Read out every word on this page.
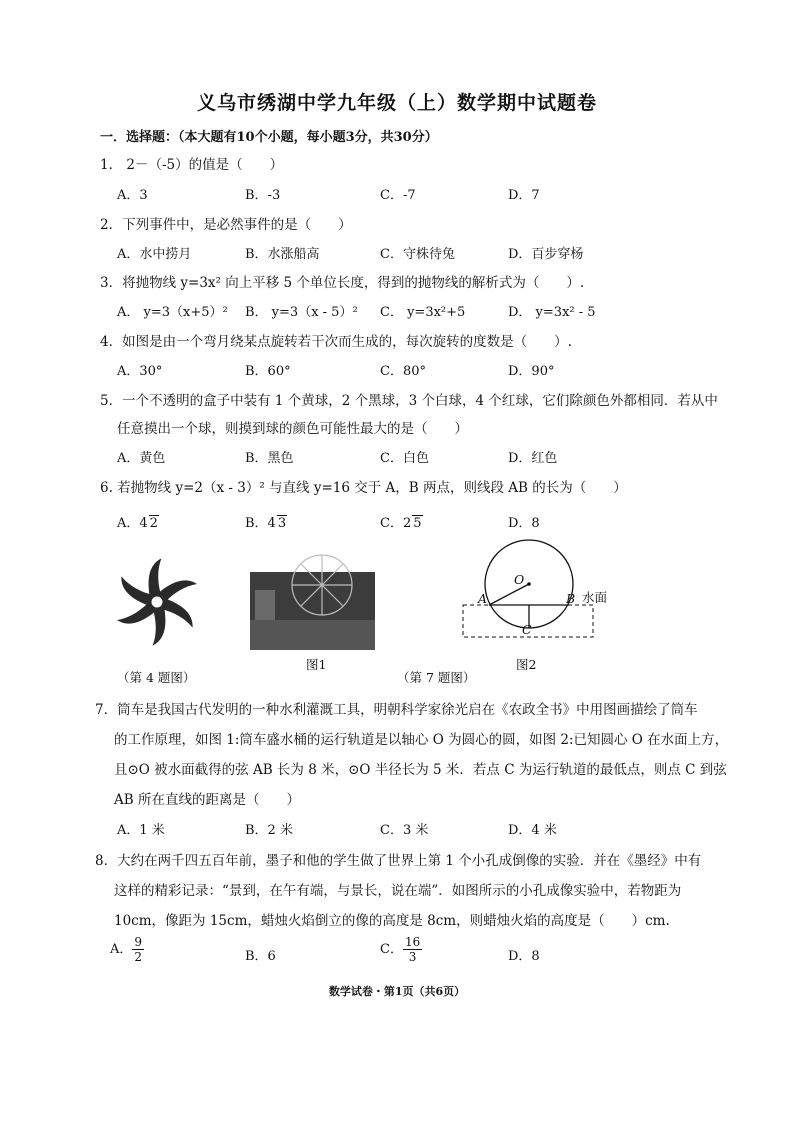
义乌市绣湖中学九年级（上）数学期中试题卷
一．选择题：（本大题有10个小题，每小题3分，共30分）
1． 2－（-5）的值是（　　）
A．3	B．-3	C．-7	D．7
2．下列事件中，是必然事件的是（　　）
A．水中捞月	B．水涨船高	C．守株待兔	D．百步穿杨
3．将抛物线 y=3x² 向上平移 5 个单位长度，得到的抛物线的解析式为（　　）.
A． y=3（x+5）² B． y=3（x - 5）² C． y=3x²+5	D． y=3x² - 5
4．如图是由一个弯月绕某点旋转若干次而生成的，每次旋转的度数是（　　）.
A．30°	B．60°	C．80°	D．90°
5．一个不透明的盒子中装有 1 个黄球，2 个黑球，3 个白球，4 个红球，它们除颜色外都相同．若从中
任意摸出一个球，则摸到球的颜色可能性最大的是（　　）
A．黄色	B．黑色	C．白色	D．红色
6. 若抛物线 y=2（x - 3）² 与直线 y=16 交于 A，B 两点，则线段 AB 的长为（　　）
A．4 2	B．4 3	C．2 5	D．8
O
A	B
C
水面
（第 4 题图）
图1
（第 7 题图）
图2
7．筒车是我国古代发明的一种水利灌溉工具，明朝科学家徐光启在《农政全书》中用图画描绘了筒车
的工作原理，如图 1:筒车盛水桶的运行轨道是以轴心 O 为圆心的圆，如图 2:已知圆心 O 在水面上方，
且⊙O 被水面截得的弦 AB 长为 8 米，⊙O 半径长为 5 米．若点 C 为运行轨道的最低点，则点 C 到弦
AB 所在直线的距离是（　　）
A．1 米	B．2 米	C．3 米	D．4 米
8．大约在两千四五百年前，墨子和他的学生做了世界上第 1 个小孔成倒像的实验．并在《墨经》中有
这样的精彩记录：“景到，在午有端，与景长，说在端”．如图所示的小孔成像实验中，若物距为
10cm，像距为 15cm，蜡烛火焰倒立的像的高度是 8cm，则蜡烛火焰的高度是（　　）cm.
A． $\frac{9}{2}$	B．6	C． $\frac{16}{3}$	D．8
数学试卷・第1页（共6页）
